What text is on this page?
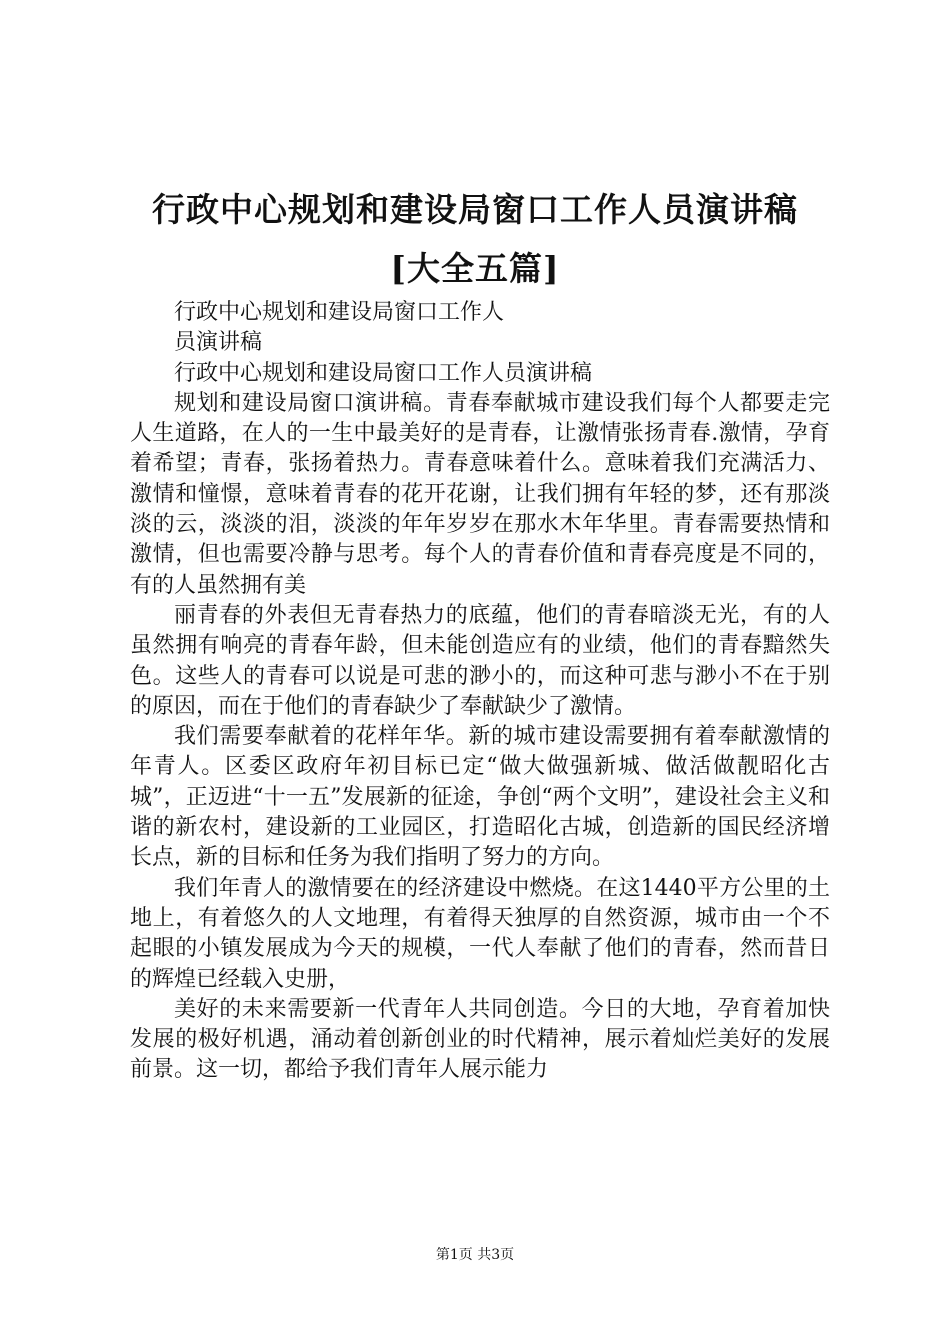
行政中心规划和建设局窗口工作人员演讲稿
[大全五篇]

行政中心规划和建设局窗口工作人

员演讲稿

行政中心规划和建设局窗口工作人员演讲稿

规划和建设局窗口演讲稿。青春奉献城市建设我们每个人都要走完人生道路，在人的一生中最美好的是青春，让激情张扬青春.激情，孕育着希望；青春，张扬着热力。青春意味着什么。意味着我们充满活力、激情和憧憬，意味着青春的花开花谢，让我们拥有年轻的梦，还有那淡淡的云，淡淡的泪，淡淡的年年岁岁在那水木年华里。青春需要热情和激情，但也需要冷静与思考。每个人的青春价值和青春亮度是不同的，有的人虽然拥有美

丽青春的外表但无青春热力的底蕴，他们的青春暗淡无光，有的人虽然拥有响亮的青春年龄，但未能创造应有的业绩，他们的青春黯然失色。这些人的青春可以说是可悲的渺小的，而这种可悲与渺小不在于别的原因，而在于他们的青春缺少了奉献缺少了激情。

我们需要奉献着的花样年华。新的城市建设需要拥有着奉献激情的年青人。区委区政府年初目标已定“做大做强新城、做活做靓昭化古城”，正迈进“十一五”发展新的征途，争创“两个文明”，建设社会主义和谐的新农村，建设新的工业园区，打造昭化古城，创造新的国民经济增长点，新的目标和任务为我们指明了努力的方向。

我们年青人的激情要在的经济建设中燃烧。在这1440平方公里的土地上，有着悠久的人文地理，有着得天独厚的自然资源，城市由一个不起眼的小镇发展成为今天的规模，一代人奉献了他们的青春，然而昔日的辉煌已经载入史册，

美好的未来需要新一代青年人共同创造。今日的大地，孕育着加快发展的极好机遇，涌动着创新创业的时代精神，展示着灿烂美好的发展前景。这一切，都给予我们青年人展示能力

第1页 共3页
